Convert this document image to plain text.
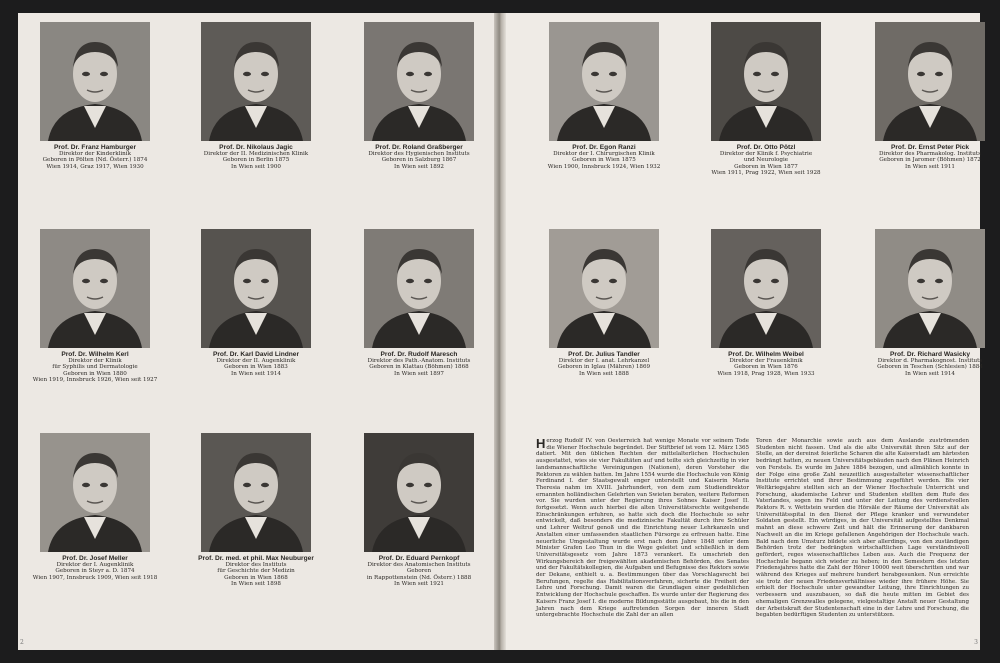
2	3
Prof. Dr. Franz Hamburger
Direktor der Kinderklinik
Geboren in Pölten (Nd. Österr.) 1874
Wien 1914, Graz 1917, Wien 1930
Prof. Dr. Nikolaus Jagic
Direktor der II. Medizinischen Klinik
Geboren in Berlin 1875
In Wien seit 1900
Prof. Dr. Roland Graßberger
Direktor des Hygienischen Instituts
Geboren in Salzburg 1867
In Wien seit 1892
Prof. Dr. Egon Ranzi
Direktor der I. Chirurgischen Klinik
Geboren in Wien 1875
Wien 1900, Innsbruck 1924, Wien 1932
Prof. Dr. Otto Pötzl
Direktor der Klinik f. Psychiatrie
und Neurologie
Geboren in Wien 1877
Wien 1911, Prag 1922, Wien seit 1928
Prof. Dr. Ernst Peter Pick
Direktor des Pharmakolog. Instituts
Geboren in Jaromer (Böhmen) 1872
In Wien seit 1911
Prof. Dr. Wilhelm Kerl
Direktor der Klinik
für Syphilis und Dermatologie
Geboren in Wien 1880
Wien 1919, Innsbruck 1926, Wien seit 1927
Prof. Dr. Karl David Lindner
Direktor der II. Augenklinik
Geboren in Wien 1883
In Wien seit 1914
Prof. Dr. Rudolf Maresch
Direktor des Path.-Anatom. Instituts
Geboren in Klattau (Böhmen) 1868
In Wien seit 1897
Prof. Dr. Julius Tandler
Direktor der I. anat. Lehrkanzel
Geboren in Iglau (Mähren) 1869
In Wien seit 1888
Prof. Dr. Wilhelm Weibel
Direktor der Frauenklinik
Geboren in Wien 1876
Wien 1918, Prag 1928, Wien 1933
Prof. Dr. Richard Wasicky
Direktor d. Pharmakognost. Instituts
Geboren in Teschen (Schlesien) 1884
In Wien seit 1914
Prof. Dr. Josef Meller
Direktor der I. Augenklinik
Geboren in Steyr a. D. 1874
Wien 1907, Innsbruck 1909, Wien seit 1918
Prof. Dr. med. et phil. Max Neuburger
Direktor des Instituts
für Geschichte der Medizin
Geboren in Wien 1868
In Wien seit 1898
Prof. Dr. Eduard Pernkopf
Direktor des Anatomischen Instituts
Geboren
in Rappottenstein (Nd. Österr.) 1888
In Wien seit 1921
Herzog Rudolf IV. von Oesterreich hat wenige Monate vor seinem Tode die Wiener Hochschule begründet. Der Stiftbrief ist vom 12. März 1365 datiert. Mit den üblichen Rechten der mittelalterlichen Hochschulen ausgestattet, wies sie vier Fakultäten auf und teilte sich gleichzeitig in vier landsmannschaftliche Vereinigungen (Nationen), deren Vorsteher die Rektoren zu wählen hatten. Im Jahre 1554 wurde die Hochschule von König Ferdinand I. der Staatsgewalt enger unterstellt und Kaiserin Maria Theresia nahm im XVIII. Jahrhundert, von dem zum Studiendirektor ernannten holländischen Gelehrten van Swieten beraten, weitere Reformen vor. Sie wurden unter der Regierung ihres Sohnes Kaiser Josef II. fortgesetzt. Wenn auch hierbei die alten Universitätsrechte weitgehende Einschränkungen erfuhren, so hatte sich doch die Hochschule so sehr entwickelt, daß besonders die medizinische Fakultät durch ihre Schüler und Lehrer Weltruf genoß und die Einrichtung neuer Lehrkanzeln und Anstalten einer umfassenden staatlichen Fürsorge zu erfreuen hatte. Eine neuerliche Umgestaltung wurde erst nach dem Jahre 1848 unter dem Minister Grafen Leo Thun in die Wege geleitet und schließlich in dem Universitätsgesetz vom Jahre 1873 verankert. Es umschrieb den Wirkungsbereich der freigewählten akademischen Behörden, des Senates und der Fakultätskollegien, die Aufgaben und Befugnisse des Rektors sowie der Dekane, enthielt u. a. Bestimmungen über das Vorschlagsrecht bei Berufungen, regelte das Habilitationsverfahren, sicherte die Freiheit der Lehre und Forschung. Damit waren die Grundlagen einer gedeihlichen Entwicklung der Hochschule geschaffen. Es wurde unter der Regierung des Kaisers Franz Josef I. die moderne Bildungsstätte ausgebaut, bis die in den Jahren nach dem Kriege auftretenden Sorgen der inneren Stadt untergebrachte Hochschule die Zahl der an allen
Toren der Monarchie sowie auch aus dem Auslande zuströmenden Studenten nicht fassen. Und als die alte Universität ihren Sitz auf der Stelle, an der dereinst feierliche Scharen die alte Kaiserstadt am härtesten bedrängt hatten, zu neuen Universitätsgebäuden nach den Plänen Heinrich von Ferstels. Es wurde im Jahre 1884 bezogen, und allmählich konnte in der Folge eine große Zahl neuzeitlich ausgestalteter wissenschaftlicher Institute errichtet und ihrer Bestimmung zugeführt werden. Bis vier Weltkriegsjahre stellten sich an der Wiener Hochschule Unterricht und Forschung, akademische Lehrer und Studenten stellten dem Rufe des Vaterlandes, sogen ins Feld und unter der Leitung des verdienstvollen Rektors R. v. Wettstein wurden die Hörsäle der Räume der Universität als Universitätsspital in den Dienst der Pflege kranker und verwundeter Soldaten gestellt. Ein würdiges, in der Universität aufgestelltes Denkmal mahnt an diese schwere Zeit und hält die Erinnerung der dankbaren Nachwelt an die im Kriege gefallenen Angehörigen der Hochschule wach. Bald nach dem Umsturz bildete sich aber allerdings, von den zuständigen Behörden trotz der bedrängten wirtschaftlichen Lage verständnisvoll gefördert, reges wissenschaftliches Leben aus. Auch die Frequenz der Hochschule begann sich wieder zu heben; in den Semestern des letzten Friedensjahres hatte die Zahl der Hörer 10000 weit überschritten und war während des Krieges auf mehrere hundert herabgesunken. Nun erreichte sie trotz der neuen Friedensverhältnisse wieder ihre frühere Höhe. Sie erhielt der Hochschule unter gewandter Leitung, ihre Einrichtungen zu verbessern und auszubauen, so daß die heute mitten im Gebiet des ehemaligen Grenzwalles gelegene, vielgestaltige Anstalt neuer Gestaltung der Arbeitskraft der Studentenschaft eine in der Lehre und Forschung, die begabten bedürftigen Studenten zu unterstützen.
